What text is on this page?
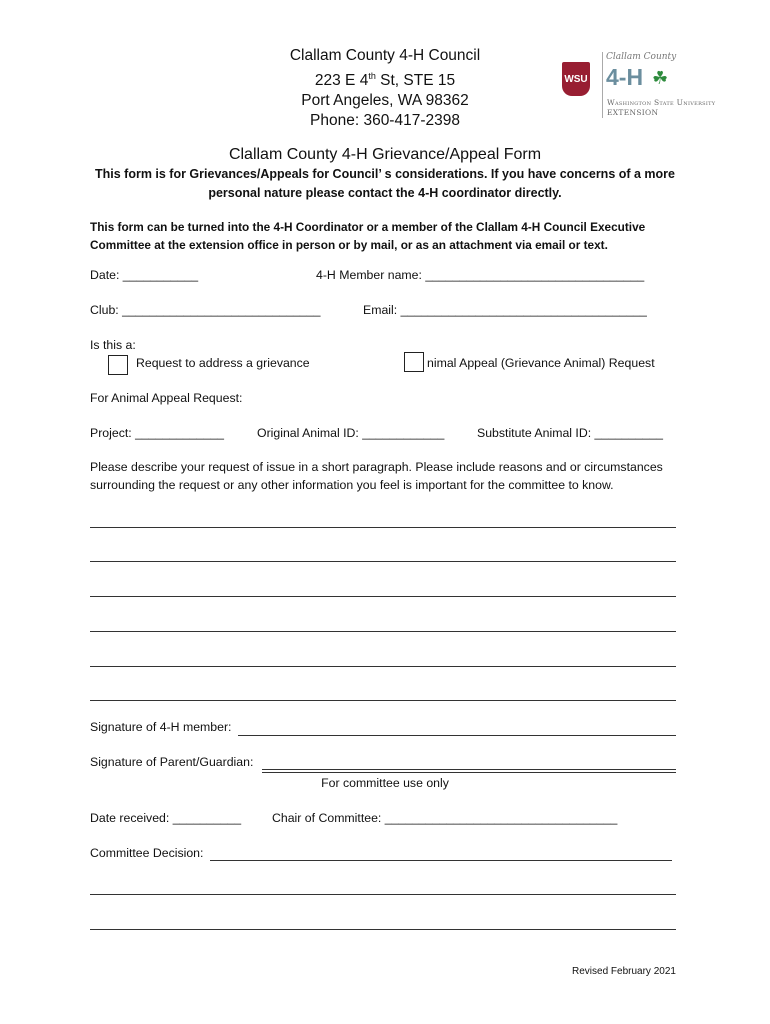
Clallam County 4-H Council
223 E 4th St, STE 15
Port Angeles, WA 98362
Phone: 360-417-2398
WSU
Clallam County
4-H ☘
Washington State University
EXTENSION
Clallam County 4-H Grievance/Appeal Form
This form is for Grievances/Appeals for Council’ s considerations. If you have concerns of a more personal nature please contact the 4-H coordinator directly.
This form can be turned into the 4-H Coordinator or a member of the Clallam 4-H Council Executive Committee at the extension office in person or by mail, or as an attachment via email or text.
Date: ___________	4-H Member name: ________________________________
Club: _____________________________	Email: ____________________________________
Is this a:
Request to address a grievance	nimal Appeal (Grievance Animal) Request
For Animal Appeal Request:
Project: _____________	Original Animal ID: ____________	Substitute Animal ID: __________
Please describe your request of issue in a short paragraph. Please include reasons and or circumstances
surrounding the request or any other information you feel is important for the committee to know.
Signature of 4-H member:
Signature of Parent/Guardian:
For committee use only
Date received: __________	Chair of Committee: __________________________________
Committee Decision:
Revised February 2021
